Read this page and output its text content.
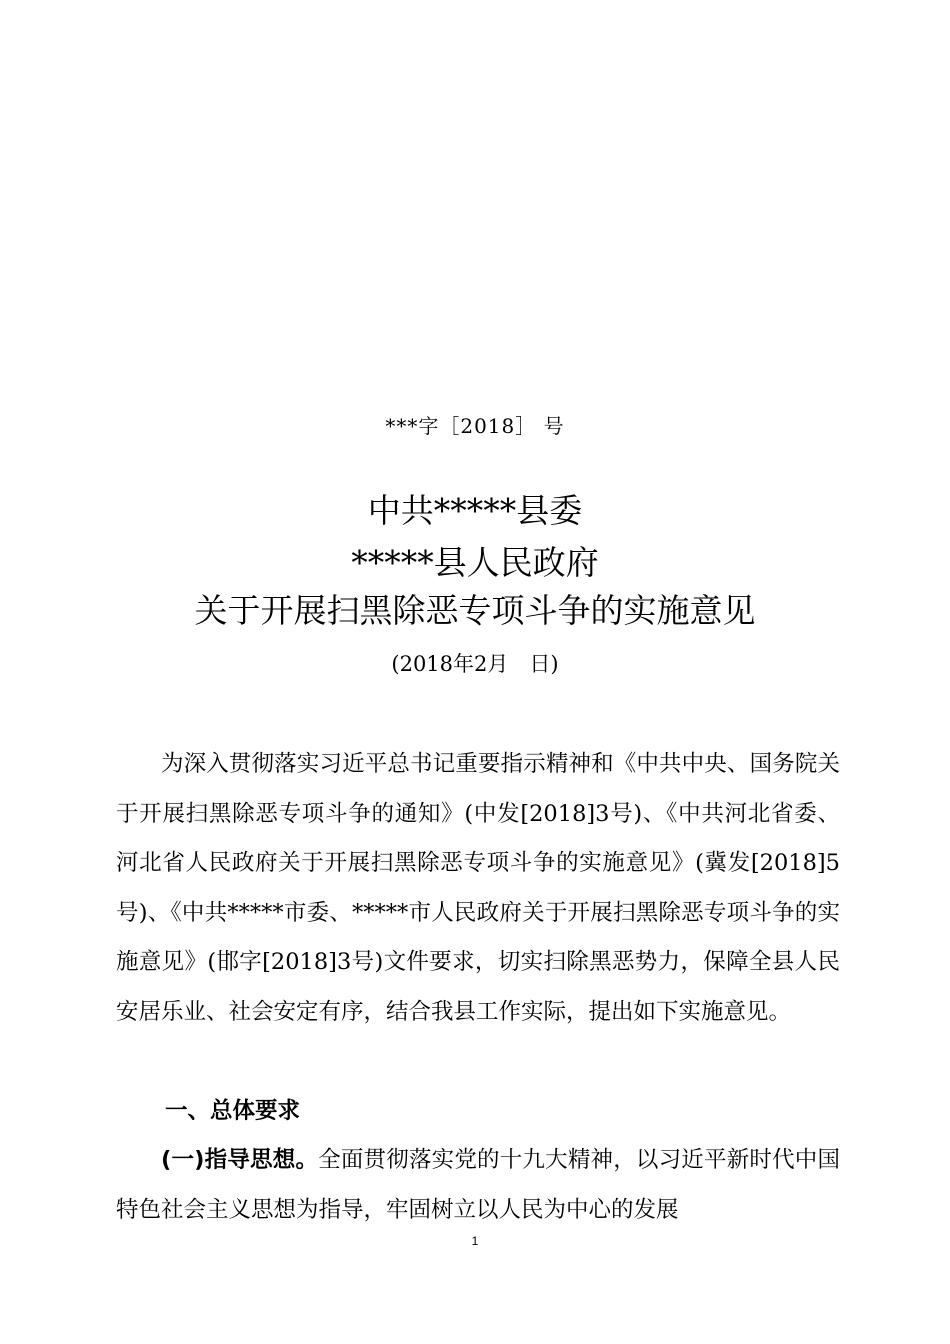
***字［2018］ 号
中共*****县委
*****县人民政府
关于开展扫黑除恶专项斗争的实施意见
(2018年2月　日)

为深入贯彻落实习近平总书记重要指示精神和《中共中央、国务院关于开展扫黑除恶专项斗争的通知》(中发[2018]3号)、《中共河北省委、河北省人民政府关于开展扫黑除恶专项斗争的实施意见》(冀发[2018]5号)、《中共*****市委、*****市人民政府关于开展扫黑除恶专项斗争的实施意见》(邯字[2018]3号)文件要求，切实扫除黑恶势力，保障全县人民安居乐业、社会安定有序，结合我县工作实际，提出如下实施意见。

一、总体要求

(一)指导思想。全面贯彻落实党的十九大精神，以习近平新时代中国特色社会主义思想为指导，牢固树立以人民为中心的发展

1
